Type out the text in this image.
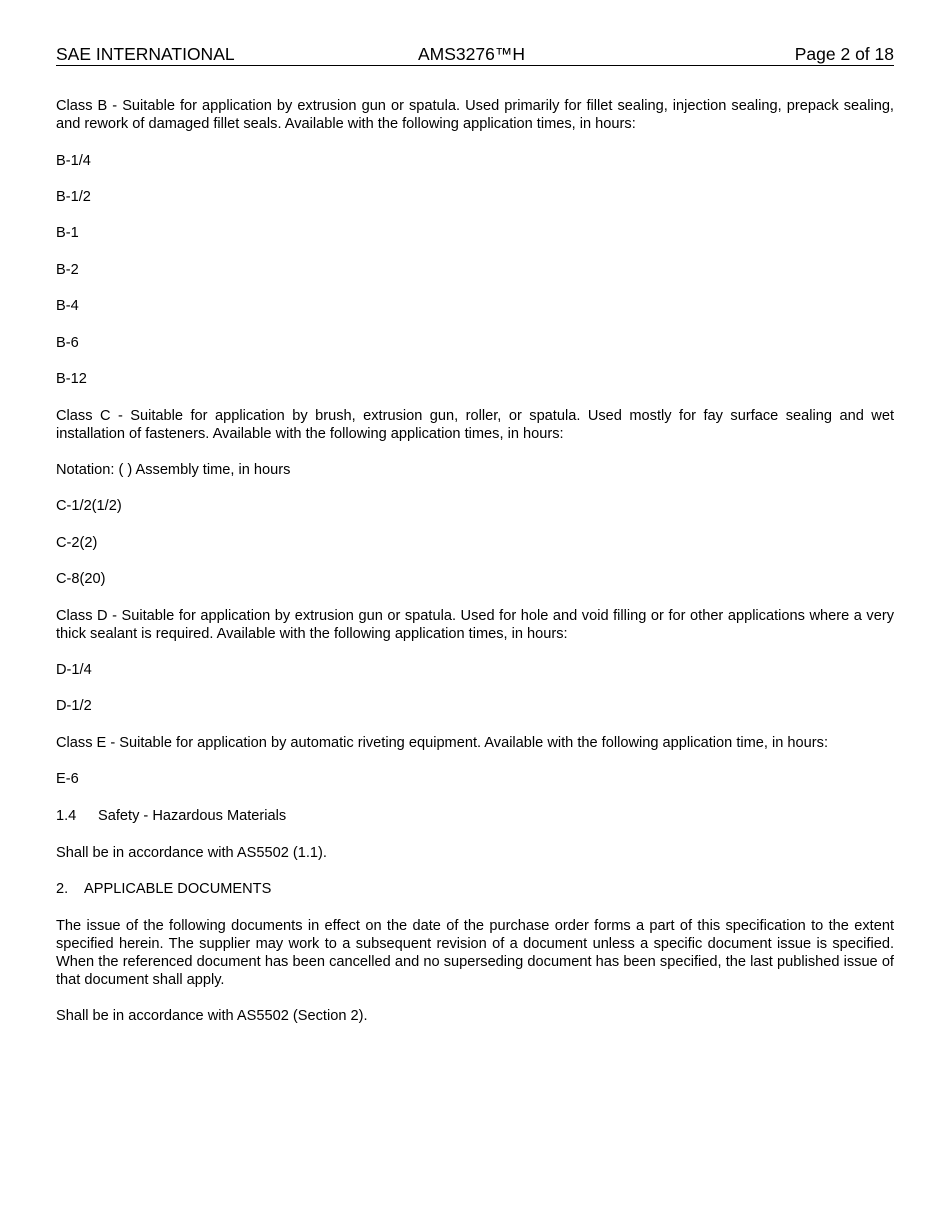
SAE INTERNATIONAL	AMS3276™H	Page 2 of 18

Class B - Suitable for application by extrusion gun or spatula. Used primarily for fillet sealing, injection sealing, prepack sealing, and rework of damaged fillet seals. Available with the following application times, in hours:

B-1/4

B-1/2

B-1

B-2

B-4

B-6

B-12

Class C - Suitable for application by brush, extrusion gun, roller, or spatula. Used mostly for fay surface sealing and wet installation of fasteners. Available with the following application times, in hours:

Notation: ( ) Assembly time, in hours

C-1/2(1/2)

C-2(2)

C-8(20)

Class D - Suitable for application by extrusion gun or spatula. Used for hole and void filling or for other applications where a very thick sealant is required. Available with the following application times, in hours:

D-1/4

D-1/2

Class E - Suitable for application by automatic riveting equipment. Available with the following application time, in hours:

E-6

1.4 Safety - Hazardous Materials

Shall be in accordance with AS5502 (1.1).

2. APPLICABLE DOCUMENTS

The issue of the following documents in effect on the date of the purchase order forms a part of this specification to the extent specified herein. The supplier may work to a subsequent revision of a document unless a specific document issue is specified. When the referenced document has been cancelled and no superseding document has been specified, the last published issue of that document shall apply.

Shall be in accordance with AS5502 (Section 2).
